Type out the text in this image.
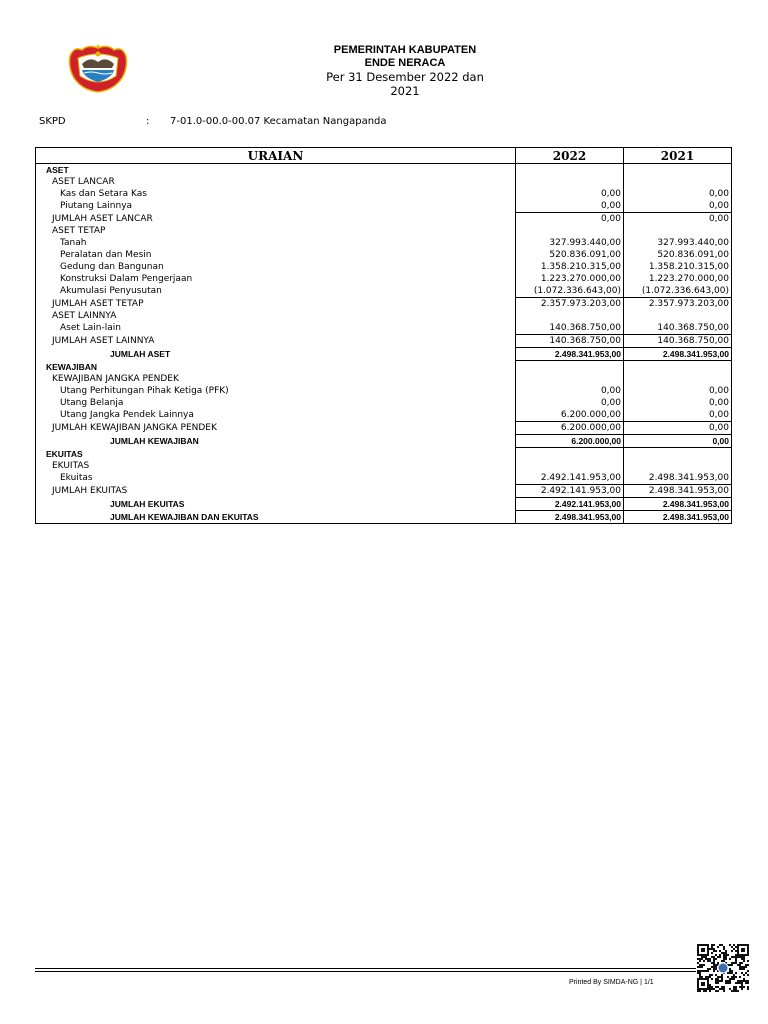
PEMERINTAH KABUPATEN
ENDE NERACA
Per 31 Desember 2022 dan
2021
SKPD	: 7-01.0-00.0-00.07 Kecamatan Nangapanda
URAIAN	2022	2021
ASET		
ASET LANCAR		
Kas dan Setara Kas	0,00	0,00
Piutang Lainnya	0,00	0,00
JUMLAH ASET LANCAR	0,00	0,00
ASET TETAP		
Tanah	327.993.440,00	327.993.440,00
Peralatan dan Mesin	520.836.091,00	520.836.091,00
Gedung dan Bangunan	1.358.210.315,00	1.358.210.315,00
Konstruksi Dalam Pengerjaan	1.223.270.000,00	1.223.270.000,00
Akumulasi Penyusutan	(1.072.336.643,00)	(1.072.336.643,00)
JUMLAH ASET TETAP	2.357.973.203,00	2.357.973.203,00
ASET LAINNYA		
Aset Lain-lain	140.368.750,00	140.368.750,00
JUMLAH ASET LAINNYA	140.368.750,00	140.368.750,00
JUMLAH ASET	2.498.341.953,00	2.498.341.953,00
KEWAJIBAN		
KEWAJIBAN JANGKA PENDEK		
Utang Perhitungan Pihak Ketiga (PFK)	0,00	0,00
Utang Belanja	0,00	0,00
Utang Jangka Pendek Lainnya	6.200.000,00	0,00
JUMLAH KEWAJIBAN JANGKA PENDEK	6.200.000,00	0,00
JUMLAH KEWAJIBAN	6.200.000,00	0,00
EKUITAS		
EKUITAS		
Ekuitas	2.492.141.953,00	2.498.341.953,00
JUMLAH EKUITAS	2.492.141.953,00	2.498.341.953,00
JUMLAH EKUITAS	2.492.141.953,00	2.498.341.953,00
JUMLAH KEWAJIBAN DAN EKUITAS	2.498.341.953,00	2.498.341.953,00
Printed By SIMDA-NG | 1/1
